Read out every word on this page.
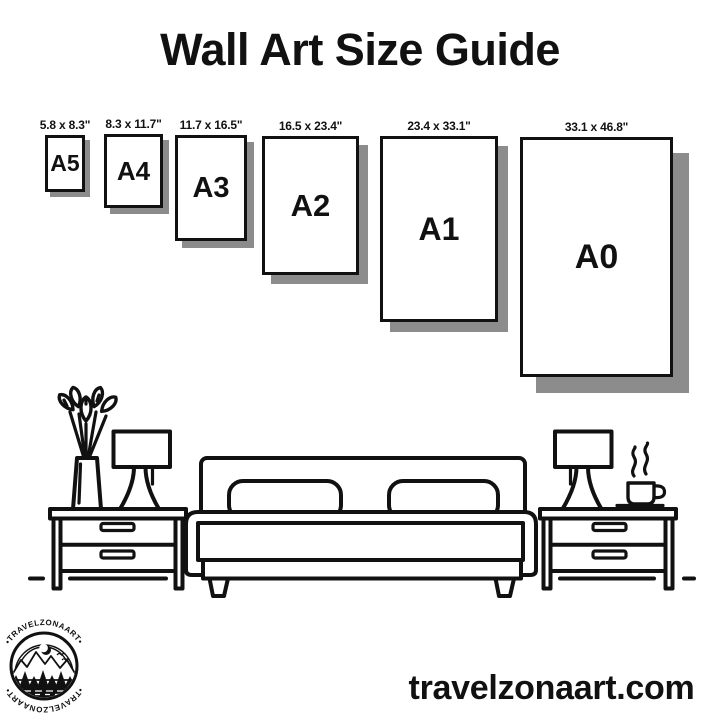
Wall Art Size Guide
5.8 x 8.3"
A5
8.3 x 11.7"
A4
11.7 x 16.5"
A3
16.5 x 23.4"
A2
23.4 x 33.1"
A1
33.1 x 46.8"
A0
•TRAVELZONAART•
•TRAVELZONAART•	travelzonaart.com
